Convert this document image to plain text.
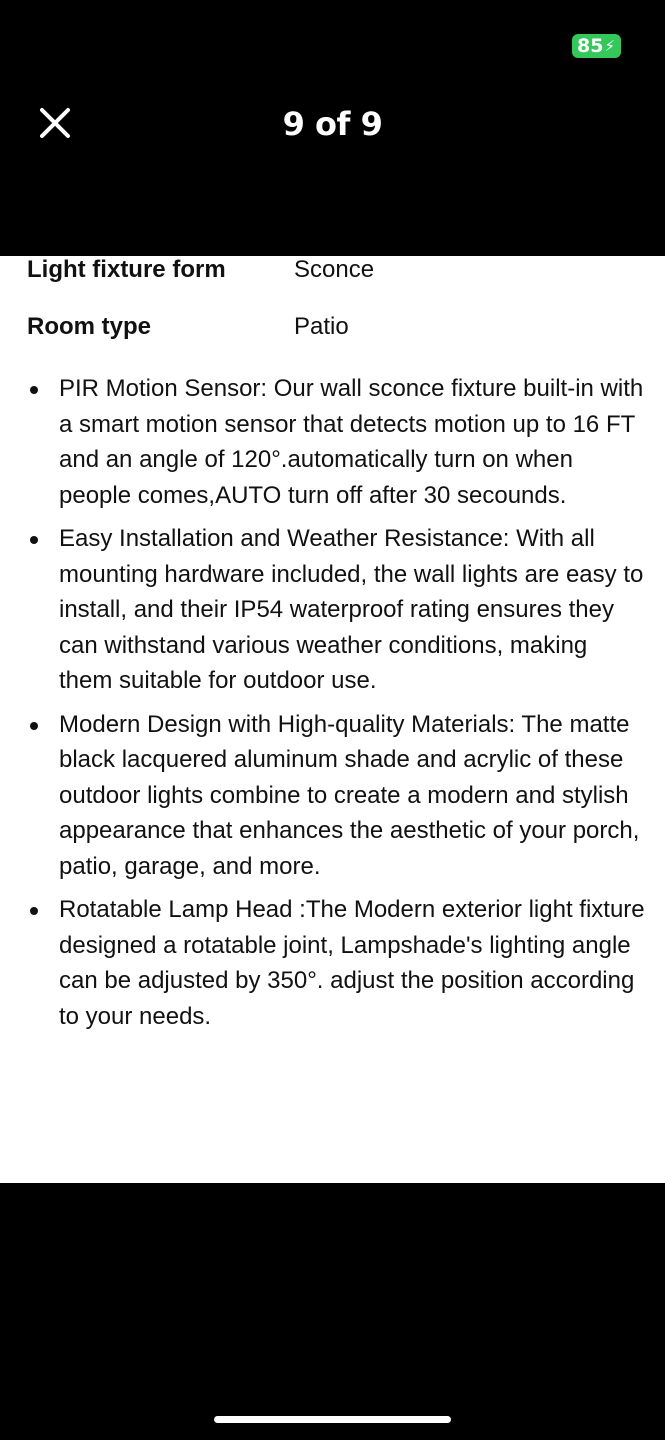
85 ⚡︎
9 of 9
Light fixture form	Sconce
Room type	Patio
PIR Motion Sensor: Our wall sconce fixture built-in with a smart motion sensor that detects motion up to 16 FT and an angle of 120°.automatically turn on when people comes,AUTO turn off after 30 secounds.
Easy Installation and Weather Resistance: With all mounting hardware included, the wall lights are easy to install, and their IP54 waterproof rating ensures they can withstand various weather conditions, making them suitable for outdoor use.
Modern Design with High-quality Materials: The matte black lacquered aluminum shade and acrylic of these outdoor lights combine to create a modern and stylish appearance that enhances the aesthetic of your porch, patio, garage, and more.
Rotatable Lamp Head :The Modern exterior light fixture designed a rotatable joint, Lampshade's lighting angle can be adjusted by 350°. adjust the position according to your needs.
